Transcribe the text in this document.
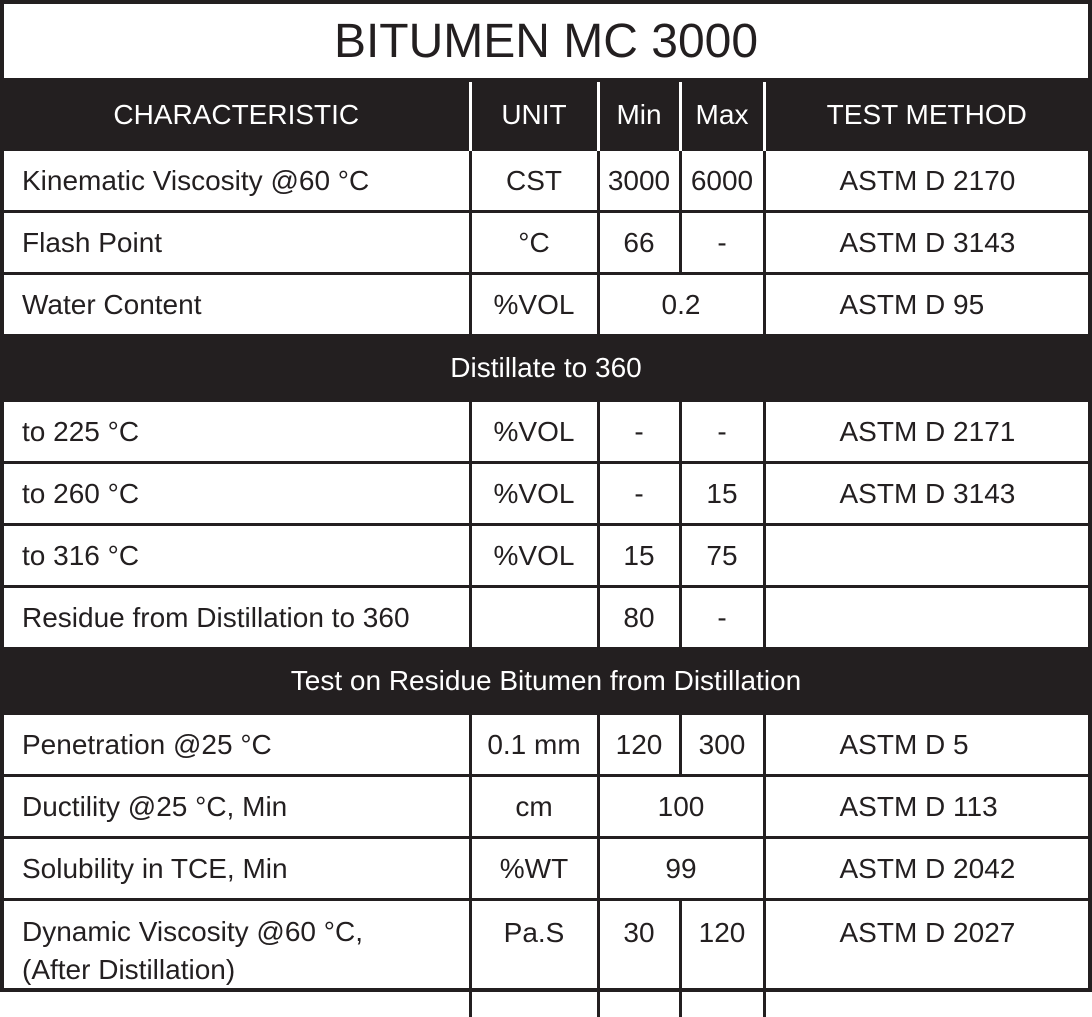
BITUMEN MC 3000
CHARACTERISTIC	UNIT	Min	Max	TEST METHOD
Kinematic Viscosity @60 °C	CST	3000	6000	ASTM D 2170
Flash Point	°C	66	-	ASTM D 3143
Water Content	%VOL	0.2		ASTM D 95
Distillate to 360				
to 225 °C	%VOL	-	-	ASTM D 2171
to 260 °C	%VOL	-	15	ASTM D 3143
to 316 °C	%VOL	15	75	
Residue from Distillation to 360		80	-	
Test on Residue Bitumen from Distillation				
Penetration @25 °C	0.1 mm	120	300	ASTM D 5
Ductility @25 °C, Min	cm	100		ASTM D 113
Solubility in TCE, Min	%WT	99		ASTM D 2042

Dynamic Viscosity @60 °C,
(After Distillation)	Pa.S	30	120	ASTM D 2027
